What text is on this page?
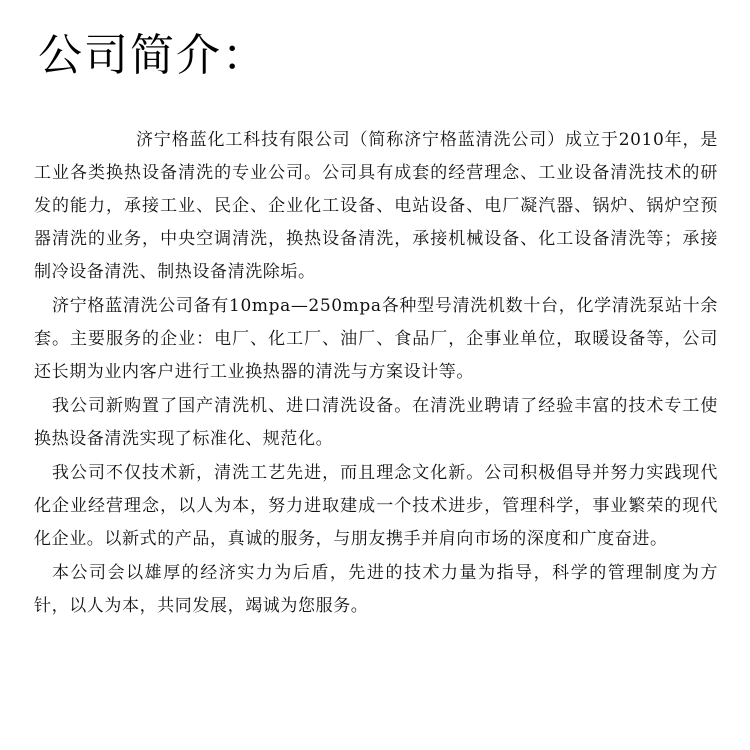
公司简介：

济宁格蓝化工科技有限公司（简称济宁格蓝清洗公司）成立于2010年，是工业各类换热设备清洗的专业公司。公司具有成套的经营理念、工业设备清洗技术的研发的能力，承接工业、民企、企业化工设备、电站设备、电厂凝汽器、锅炉、锅炉空预器清洗的业务，中央空调清洗，换热设备清洗，承接机械设备、化工设备清洗等；承接制冷设备清洗、制热设备清洗除垢。

济宁格蓝清洗公司备有10mpa—250mpa各种型号清洗机数十台，化学清洗泵站十余套。主要服务的企业：电厂、化工厂、油厂、食品厂，企事业单位，取暖设备等，公司还长期为业内客户进行工业换热器的清洗与方案设计等。

我公司新购置了国产清洗机、进口清洗设备。在清洗业聘请了经验丰富的技术专工使换热设备清洗实现了标准化、规范化。

我公司不仅技术新，清洗工艺先进，而且理念文化新。公司积极倡导并努力实践现代化企业经营理念，以人为本，努力进取建成一个技术进步，管理科学，事业繁荣的现代化企业。以新式的产品，真诚的服务，与朋友携手并肩向市场的深度和广度奋进。

本公司会以雄厚的经济实力为后盾，先进的技术力量为指导，科学的管理制度为方针，以人为本，共同发展，竭诚为您服务。
